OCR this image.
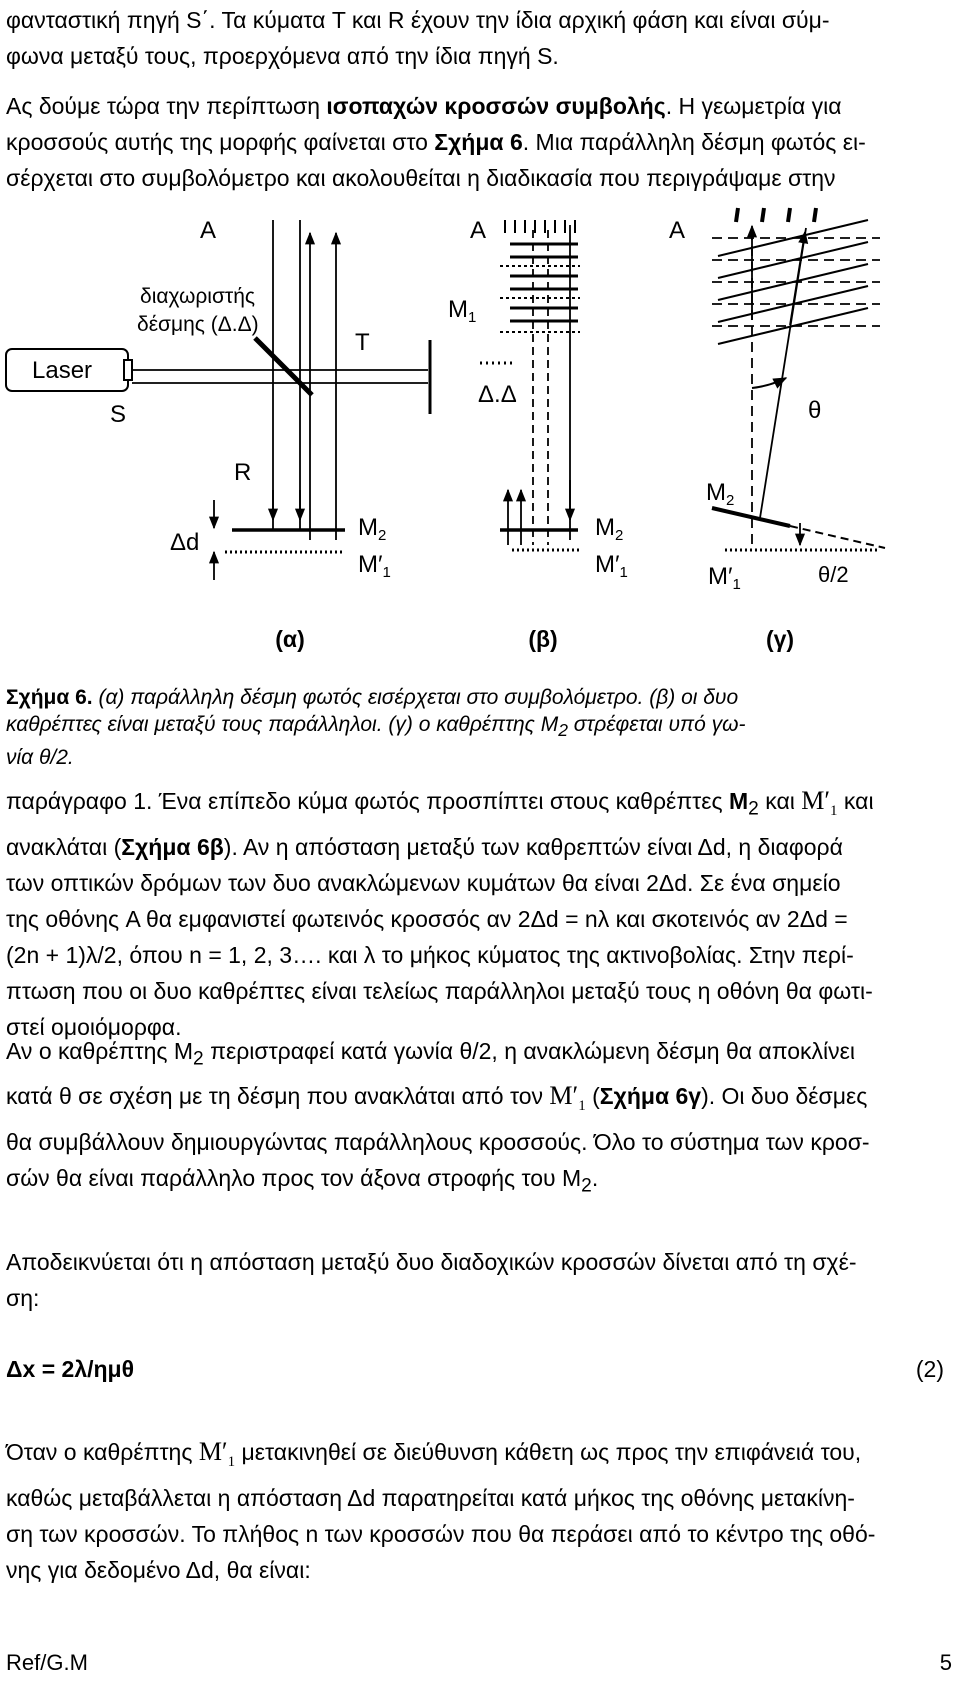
φανταστική πηγή S΄. Τα κύματα T και R έχουν την ίδια αρχική φάση και είναι σύμ-
φωνα μεταξύ τους, προερχόμενα από την ίδια πηγή S.
Ας δούμε τώρα την περίπτωση ισοπαχών κροσσών συμβολής. Η γεωμετρία για
κροσσούς αυτής της μορφής φαίνεται στο Σχήμα 6. Μια παράλληλη δέσμη φωτός ει-
σέρχεται στο συμβολόμετρο και ακολουθείται η διαδικασία που περιγράψαμε στην
A
διαχωριστής
δέσμης (Δ.Δ)
T
$M_1$
Laser
S
R
Δd
$M_2$
$M'_1$
A
Δ.Δ
$M_2$
$M'_1$
A
θ
$M_2$
$M'_1$	θ/2
(α)	(β)	(γ)
Σχήμα 6. (α) παράλληλη δέσμη φωτός εισέρχεται στο συμβολόμετρο. (β) οι δυο
καθρέπτες είναι μεταξύ τους παράλληλοι. (γ) ο καθρέπτης $M_2$ στρέφεται υπό γω-
νία θ/2.
παράγραφο 1. Ένα επίπεδο κύμα φωτός προσπίπτει στους καθρέπτες $M_2$ και $M'_1$ και
ανακλάται (Σχήμα 6β). Αν η απόσταση μεταξύ των καθρεπτών είναι Δd, η διαφορά
των οπτικών δρόμων των δυο ανακλώμενων κυμάτων θα είναι 2Δd. Σε ένα σημείο
της οθόνης A θα εμφανιστεί φωτεινός κροσσός αν 2Δd = nλ και σκοτεινός αν 2Δd =
(2n + 1)λ/2, όπου n = 1, 2, 3…. και λ το μήκος κύματος της ακτινοβολίας. Στην περί-
πτωση που οι δυο καθρέπτες είναι τελείως παράλληλοι μεταξύ τους η οθόνη θα φωτι-
στεί ομοιόμορφα.
Αν ο καθρέπτης $M_2$ περιστραφεί κατά γωνία θ/2, η ανακλώμενη δέσμη θα αποκλίνει
κατά θ σε σχέση με τη δέσμη που ανακλάται από τον $M'_1$ (Σχήμα 6γ). Οι δυο δέσμες
θα συμβάλλουν δημιουργώντας παράλληλους κροσσούς. Όλο το σύστημα των κροσ-
σών θα είναι παράλληλο προς τον άξονα στροφής του $M_2$.
Αποδεικνύεται ότι η απόσταση μεταξύ δυο διαδοχικών κροσσών δίνεται από τη σχέ-
ση:
Δx = 2λ/ημθ	(2)
Όταν ο καθρέπτης $M'_1$ μετακινηθεί σε διεύθυνση κάθετη ως προς την επιφάνειά του,
καθώς μεταβάλλεται η απόσταση Δd παρατηρείται κατά μήκος της οθόνης μετακίνη-
ση των κροσσών. Το πλήθος n των κροσσών που θα περάσει από το κέντρο της οθό-
νης για δεδομένο Δd, θα είναι:
Ref/G.M	5
